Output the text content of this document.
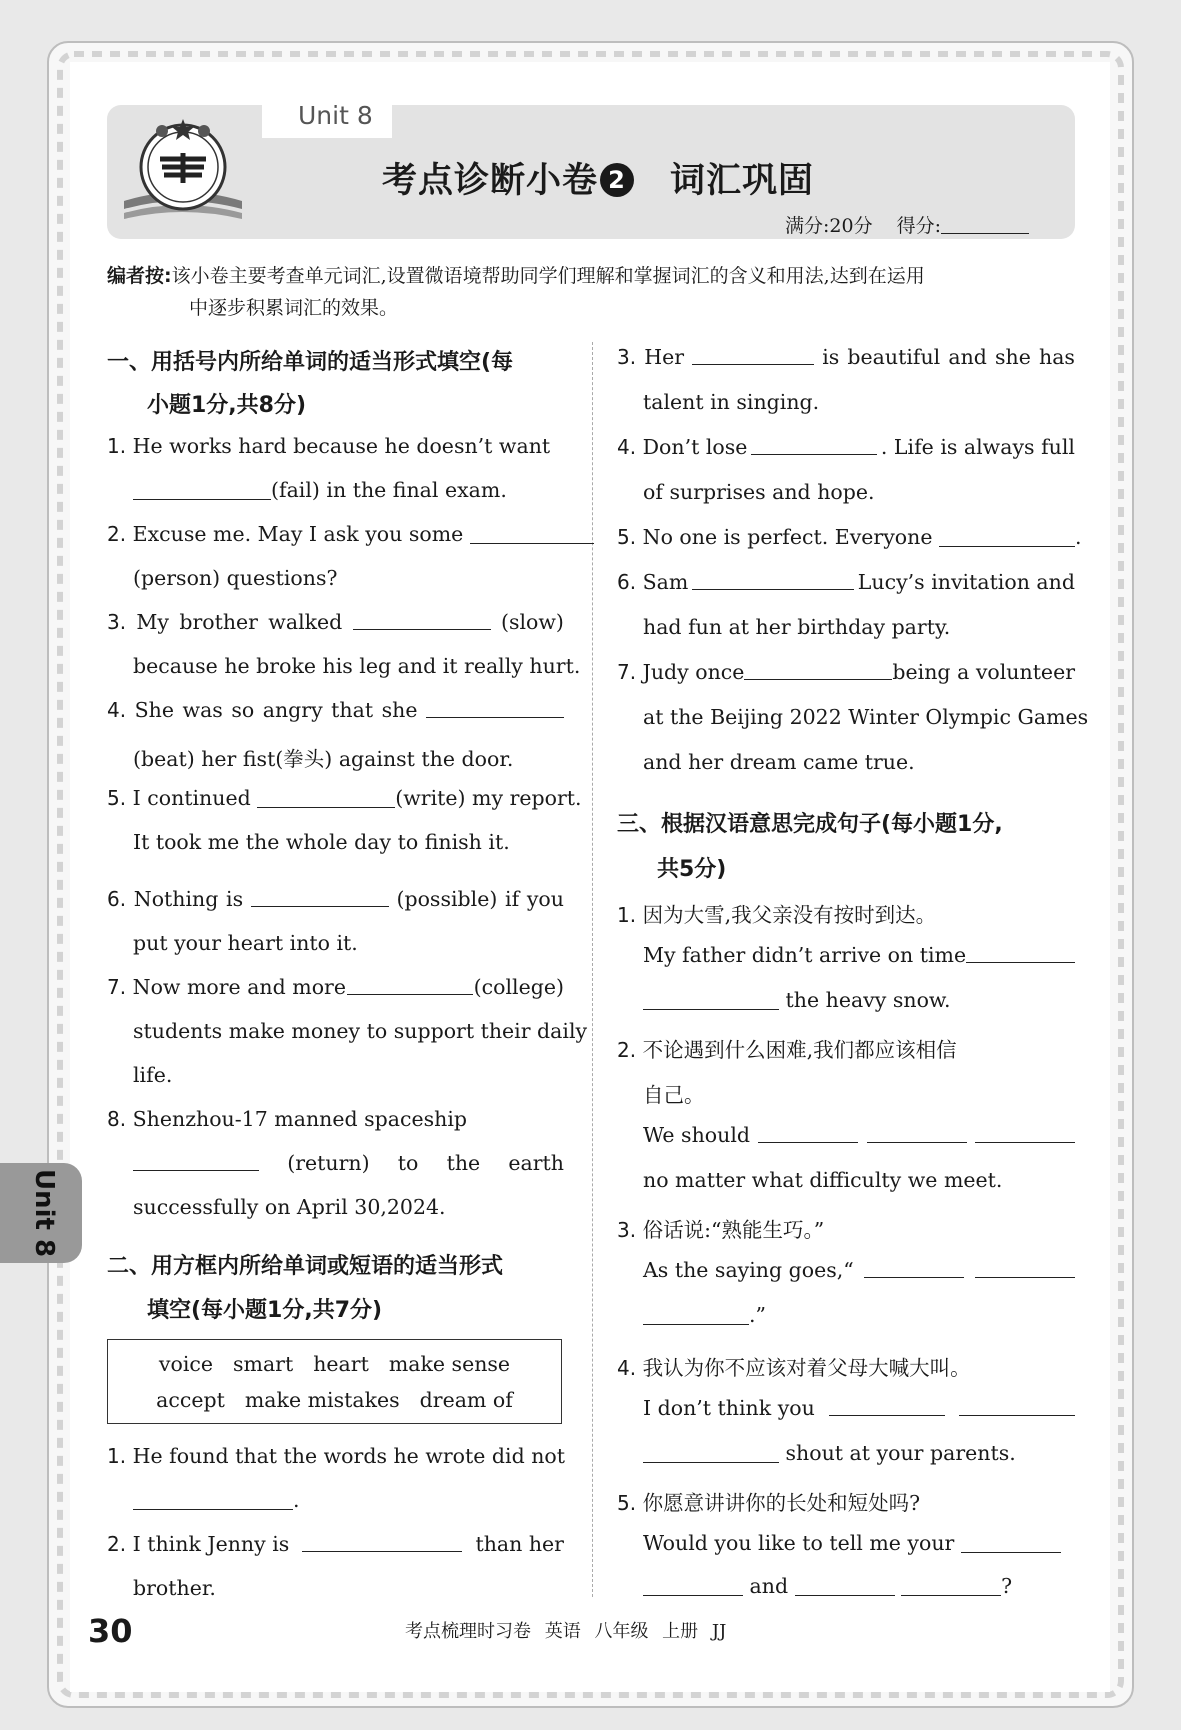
Unit 8
考点诊断小卷 2 词汇巩固
满分:20分 得分:
编者按:该小卷主要考查单元词汇,设置微语境帮助同学们理解和掌握词汇的含义和用法,达到在运用
中逐步积累词汇的效果。
一、用括号内所给单词的适当形式填空(每
小题1分,共8分)
1. He works hard because he doesn’t want
(fail) in the final exam.
2. Excuse me. May I ask you some
(person) questions?
3. My brother walked	(slow)
because he broke his leg and it really hurt.
4. She was so angry that she
(beat) her fist(拳头) against the door.
5. I continued	(write) my report.
It took me the whole day to finish it.
6. Nothing is	(possible) if you
put your heart into it.
7. Now more and more	(college)
students make money to support their daily
life.
8. Shenzhou-17 manned spaceship
(return) to the earth
successfully on April 30,2024.
二、用方框内所给单词或短语的适当形式
填空(每小题1分,共7分)
voice smart heart make sense
accept make mistakes dream of
1. He found that the words he wrote did not
.
2. I think Jenny is	than her
brother.
3. Her	is beautiful and she has
talent in singing.
4. Don’t lose	. Life is always full
of surprises and hope.
5. No one is perfect. Everyone	.
6. Sam	Lucy’s invitation and
had fun at her birthday party.
7. Judy once	being a volunteer
at the Beijing 2022 Winter Olympic Games
and her dream came true.
三、根据汉语意思完成句子(每小题1分,
共5分)
1. 因为大雪,我父亲没有按时到达。
My father didn’t arrive on time
the heavy snow.
2. 不论遇到什么困难,我们都应该相信
自己。
We should
no matter what difficulty we meet.
3. 俗话说:“熟能生巧。”
As the saying goes,“
.”
4. 我认为你不应该对着父母大喊大叫。
I don’t think you
shout at your parents.
5. 你愿意讲讲你的长处和短处吗?
Would you like to tell me your
and	?
Unit 8
30	考点梳理时习卷 英语 八年级 上册 JJ
